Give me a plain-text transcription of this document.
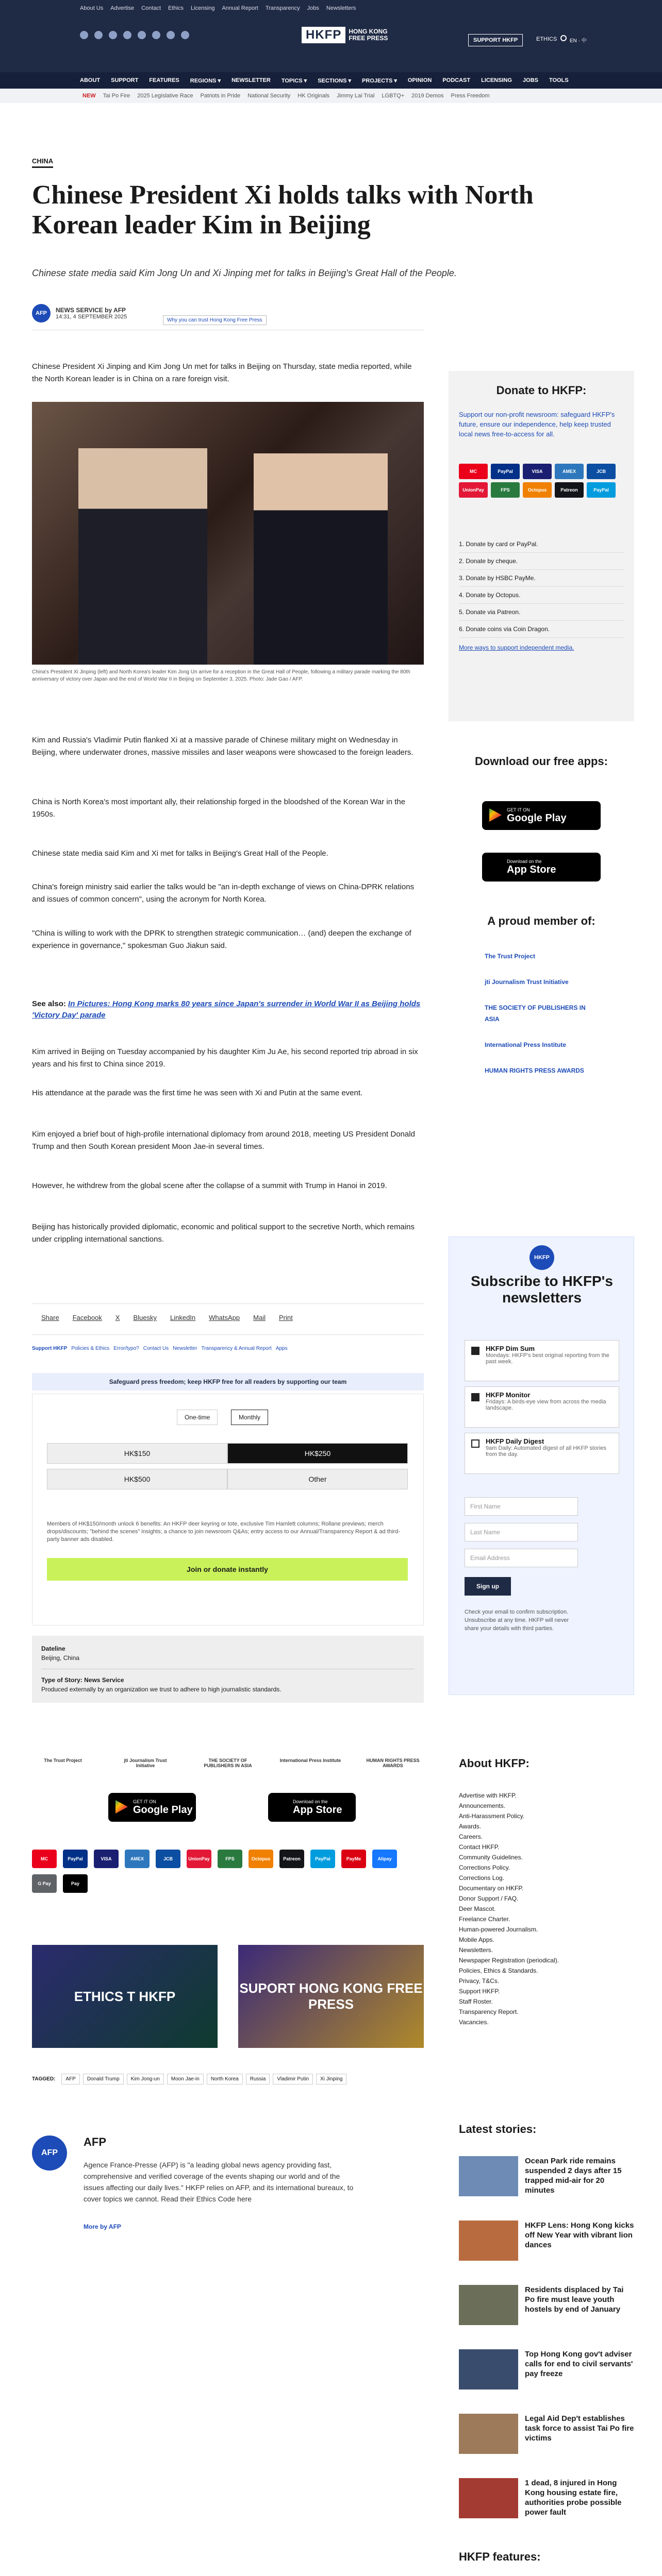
About Us Advertise Contact Ethics Licensing Annual Report Transparency Jobs Newsletters
HKFP	HONG KONG
FREE PRESS	SUPPORT HKFP	ETHICS EN · 中
ABOUT SUPPORT FEATURES REGIONS ▾ NEWSLETTER TOPICS ▾ SECTIONS ▾ PROJECTS ▾ OPINION PODCAST LICENSING JOBS TOOLS
NEW Tai Po Fire 2025 Legislative Race Patriots in Pride National Security HK Originals Jimmy Lai Trial LGBTQ+ 2019 Demos Press Freedom
CHINA
Chinese President Xi holds talks with North Korean leader Kim in Beijing

Chinese state media said Kim Jong Un and Xi Jinping met for talks in Beijing's Great Hall of the People.

AFP	NEWS SERVICE by AFP
14:31, 4 SEPTEMBER 2025
Why you can trust Hong Kong Free Press

Chinese President Xi Jinping and Kim Jong Un met for talks in Beijing on Thursday, state media reported, while the North Korean leader is in China on a rare foreign visit.

China's President Xi Jinping (left) and North Korea's leader Kim Jong Un arrive for a reception in the Great Hall of People, following a military parade marking the 80th anniversary of victory over Japan and the end of World War II in Beijing on September 3, 2025. Photo: Jade Gao / AFP.

Kim and Russia's Vladimir Putin flanked Xi at a massive parade of Chinese military might on Wednesday in Beijing, where underwater drones, massive missiles and laser weapons were showcased to the foreign leaders.

China is North Korea's most important ally, their relationship forged in the bloodshed of the Korean War in the 1950s.

Chinese state media said Kim and Xi met for talks in Beijing's Great Hall of the People.

China's foreign ministry said earlier the talks would be "an in-depth exchange of views on China-DPRK relations and issues of common concern", using the acronym for North Korea.

"China is willing to work with the DPRK to strengthen strategic communication… (and) deepen the exchange of experience in governance," spokesman Guo Jiakun said.

See also: In Pictures: Hong Kong marks 80 years since Japan's surrender in World War II as Beijing holds 'Victory Day' parade

Kim arrived in Beijing on Tuesday accompanied by his daughter Kim Ju Ae, his second reported trip abroad in six years and his first to China since 2019.

His attendance at the parade was the first time he was seen with Xi and Putin at the same event.

Kim enjoyed a brief bout of high-profile international diplomacy from around 2018, meeting US President Donald Trump and then South Korean president Moon Jae-in several times.

However, he withdrew from the global scene after the collapse of a summit with Trump in Hanoi in 2019.

Beijing has historically provided diplomatic, economic and political support to the secretive North, which remains under crippling international sanctions.

Share Facebook X Bluesky LinkedIn WhatsApp Mail Print
Support HKFP Policies & Ethics Error/typo? Contact Us Newsletter Transparency & Annual Report Apps
Safeguard press freedom; keep HKFP free for all readers by supporting our team
One-time	Monthly
HK$150	HK$250
HK$500	Other

Members of HK$150/month unlock 6 benefits: An HKFP deer keyring or tote, exclusive Tim Hamlett columns; Rollane previews; merch drops/discounts; "behind the scenes" insights; a chance to join newsroom Q&As; entry access to our Annual/Transparency Report & ad third-party banner ads disabled.

Join or donate instantly
Dateline
Beijing, China
Type of Story: News Service
Produced externally by an organization we trust to adhere to high journalistic standards.
The Trust Project	jti Journalism Trust Initiative
THE SOCIETY OF PUBLISHERS IN ASIA
International Press Institute	HUMAN RIGHTS PRESS AWARDS
GET IT ON
Google Play
Download on the
App Store
MC	PayPal	VISA	AMEX	JCB	UnionPay	FPS	Octopus	Patreon	PayPal	PayMe	Alipay
G Pay	Pay
ETHICS T HKFP
SUPORT HONG KONG FREE PRESS
TAGGED:	AFP	Donald Trump	Kim Jong-un	Moon Jae-in	North Korea	Russia	Vladimir Putin	Xi Jinping
AFP
AFP

Agence France-Presse (AFP) is "a leading global news agency providing fast, comprehensive and verified coverage of the events shaping our world and of the issues affecting our daily lives." HKFP relies on AFP, and its international bureaux, to cover topics we cannot. Read their Ethics Code here

More by AFP
Donate to HKFP:

Support our non-profit newsroom: safeguard HKFP's future, ensure our independence, help keep trusted local news free-to-access for all.

MC	PayPal	VISA	AMEX	JCB
UnionPay	FPS	Octopus	Patreon	PayPal
1. Donate by card or PayPal.
2. Donate by cheque.
3. Donate by HSBC PayMe.
4. Donate by Octopus.
5. Donate via Patreon.
6. Donate coins via Coin Dragon.
More ways to support independent media.
Download our free apps:
GET IT ON
Google Play
Download on the
App Store
A proud member of:
The Trust Project
jti Journalism Trust Initiative
THE SOCIETY OF PUBLISHERS IN ASIA
International Press Institute
HUMAN RIGHTS PRESS AWARDS
HKFP
Subscribe to HKFP's newsletters
HKFP Dim Sum
Mondays: HKFP's best original reporting from the past week.
HKFP Monitor
Fridays: A birds-eye view from across the media landscape.
HKFP Daily Digest
9am Daily: Automated digest of all HKFP stories from the day.
First Name
Last Name
Email Address
Sign up

Check your email to confirm subscription. Unsubscribe at any time. HKFP will never share your details with third parties.

About HKFP:
Advertise with HKFP.
Announcements.
Anti-Harassment Policy.
Awards.
Careers.
Contact HKFP.
Community Guidelines.
Corrections Policy.
Corrections Log.
Documentary on HKFP.
Donor Support / FAQ.
Deer Mascot.
Freelance Charter.
Human-powered Journalism.
Mobile Apps.
Newsletters.
Newspaper Registration (periodical).
Policies, Ethics & Standards.
Privacy, T&Cs.
Support HKFP.
Staff Roster.
Transparency Report.
Vacancies.
Latest stories:
Ocean Park ride remains suspended 2 days after 15 trapped mid-air for 20 minutes
HKFP Lens: Hong Kong kicks off New Year with vibrant lion dances
Residents displaced by Tai Po fire must leave youth hostels by end of January
Top Hong Kong gov't adviser calls for end to civil servants' pay freeze
Legal Aid Dep't establishes task force to assist Tai Po fire victims
1 dead, 8 injured in Hong Kong housing estate fire, authorities probe possible power fault
HKFP features:
